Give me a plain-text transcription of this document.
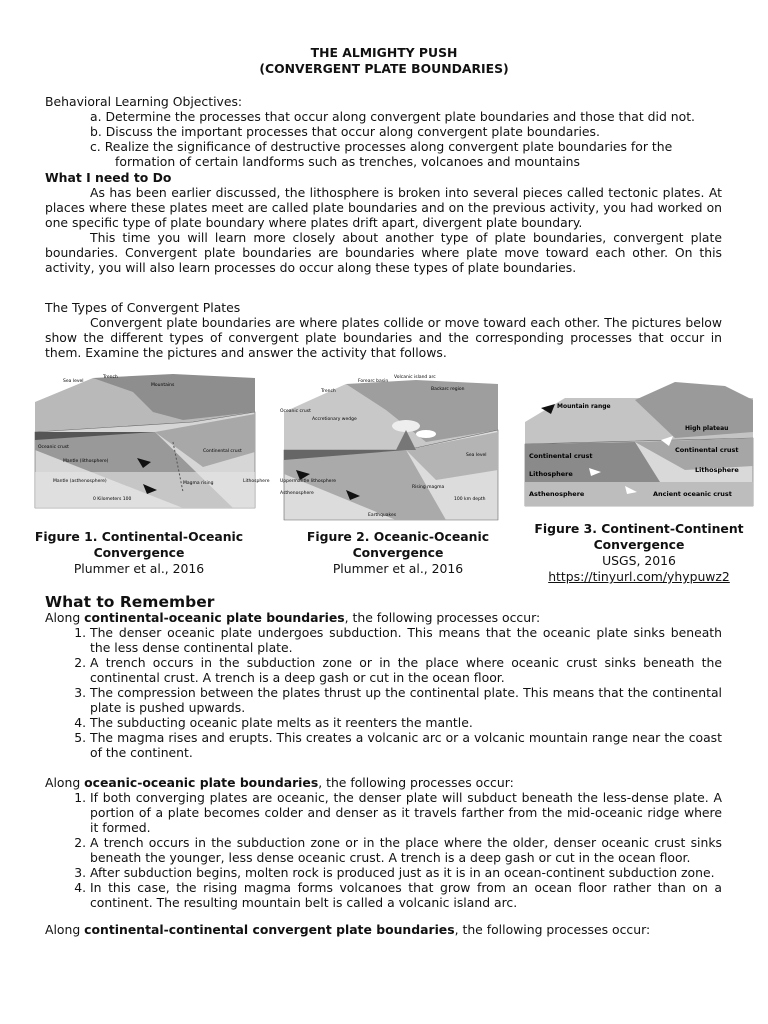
THE ALMIGHTY PUSH
(CONVERGENT PLATE BOUNDARIES)
Behavioral Learning Objectives:
a. Determine the processes that occur along convergent plate boundaries and those that did not.
b. Discuss the important processes that occur along convergent plate boundaries.
c. Realize the significance of destructive processes along convergent plate boundaries for the
formation of certain landforms such as trenches, volcanoes and mountains
What I need to Do

As has been earlier discussed, the lithosphere is broken into several pieces called tectonic plates. At places where these plates meet are called plate boundaries and on the previous activity, you had worked on one specific type of plate boundary where plates drift apart, divergent plate boundary.

This time you will learn more closely about another type of plate boundaries, convergent plate boundaries. Convergent plate boundaries are boundaries where plate move toward each other. On this activity, you will also learn processes do occur along these types of plate boundaries.

The Types of Convergent Plates

Convergent plate boundaries are where plates collide or move toward each other. The pictures below show the different types of convergent plate boundaries and the corresponding processes that occur in them. Examine the pictures and answer the activity that follows.

Sea level
Trench
Mountains
Oceanic crust
Mantle (lithosphere)
Mantle (asthenosphere)	Magma rising
Continental crust
Lithosphere
0 Kilometers 100
Figure 1. Continental-Oceanic
Convergence
Plummer et al., 2016
Trench
Forearc basin
Volcanic island arc
Backarc region
Oceanic crust
Accretionary wedge
Sea level
Uppermantle lithosphere
Asthenosphere
Rising magma
Earthquakes
100 km depth
Figure 2. Oceanic-Oceanic
Convergence
Plummer et al., 2016
Mountain range
High plateau
Continental crust
Continental crust
Lithosphere	Lithosphere
Asthenosphere	Ancient oceanic crust
Figure 3. Continent-Continent
Convergence
USGS, 2016
https://tinyurl.com/yhypuwz2
What to Remember
Along continental-oceanic plate boundaries, the following processes occur:
1. The denser oceanic plate undergoes subduction. This means that the oceanic plate sinks beneath the less dense continental plate.
2. A trench occurs in the subduction zone or in the place where oceanic crust sinks beneath the continental crust. A trench is a deep gash or cut in the ocean floor.
3. The compression between the plates thrust up the continental plate. This means that the continental plate is pushed upwards.
4. The subducting oceanic plate melts as it reenters the mantle.
5. The magma rises and erupts. This creates a volcanic arc or a volcanic mountain range near the coast of the continent.
Along oceanic-oceanic plate boundaries, the following processes occur:
1. If both converging plates are oceanic, the denser plate will subduct beneath the less-dense plate. A portion of a plate becomes colder and denser as it travels farther from the mid-oceanic ridge where it formed.
2. A trench occurs in the subduction zone or in the place where the older, denser oceanic crust sinks beneath the younger, less dense oceanic crust. A trench is a deep gash or cut in the ocean floor.
3. After subduction begins, molten rock is produced just as it is in an ocean-continent subduction zone.
4. In this case, the rising magma forms volcanoes that grow from an ocean floor rather than on a continent. The resulting mountain belt is called a volcanic island arc.
Along continental-continental convergent plate boundaries, the following processes occur:
